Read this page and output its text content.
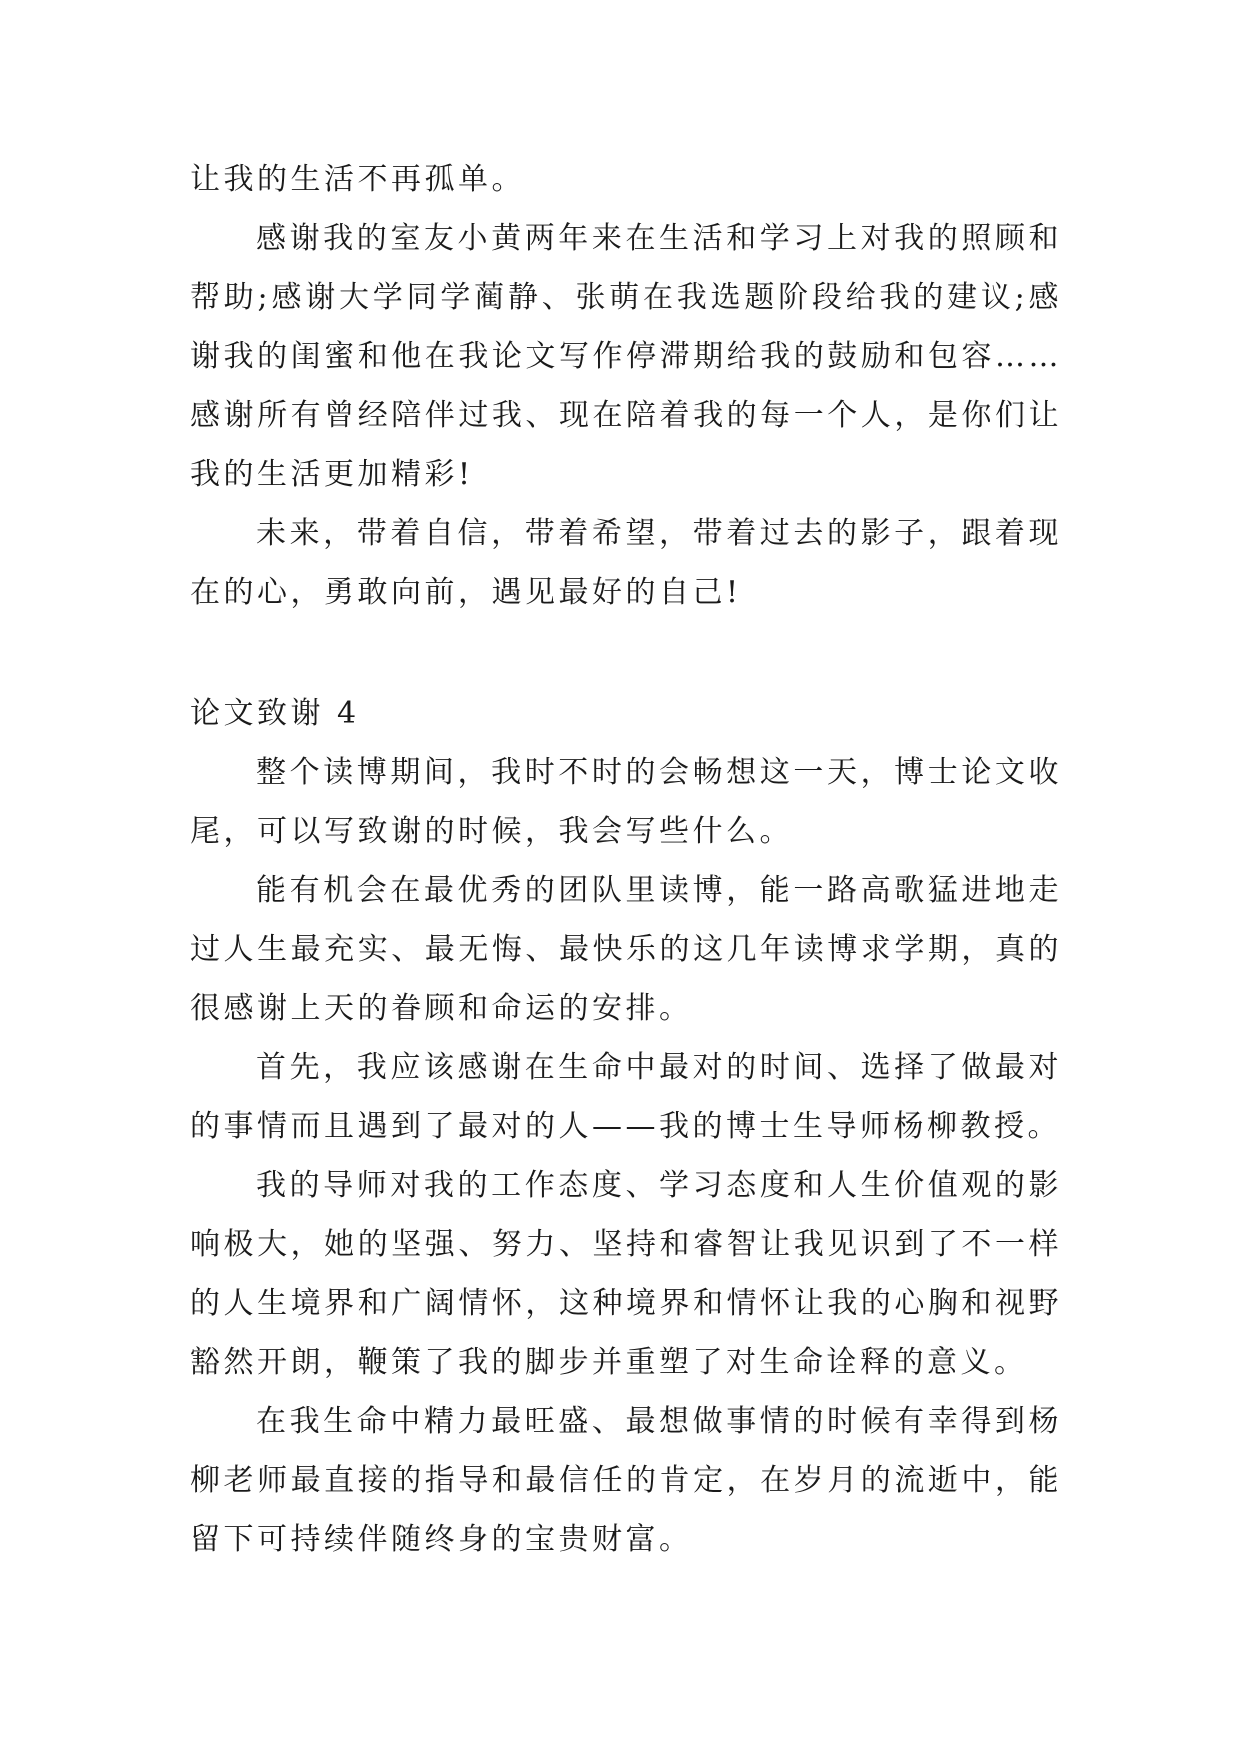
让我的生活不再孤单。

感谢我的室友小黄两年来在生活和学习上对我的照顾和帮助;感谢大学同学蔺静、张萌在我选题阶段给我的建议;感谢我的闺蜜和他在我论文写作停滞期给我的鼓励和包容……感谢所有曾经陪伴过我、现在陪着我的每一个人，是你们让我的生活更加精彩!

未来，带着自信，带着希望，带着过去的影子，跟着现在的心，勇敢向前，遇见最好的自己!

论文致谢 4

整个读博期间，我时不时的会畅想这一天，博士论文收尾，可以写致谢的时候，我会写些什么。

能有机会在最优秀的团队里读博，能一路高歌猛进地走过人生最充实、最无悔、最快乐的这几年读博求学期，真的很感谢上天的眷顾和命运的安排。

首先，我应该感谢在生命中最对的时间、选择了做最对的事情而且遇到了最对的人——我的博士生导师杨柳教授。

我的导师对我的工作态度、学习态度和人生价值观的影响极大，她的坚强、努力、坚持和睿智让我见识到了不一样的人生境界和广阔情怀，这种境界和情怀让我的心胸和视野豁然开朗，鞭策了我的脚步并重塑了对生命诠释的意义。

在我生命中精力最旺盛、最想做事情的时候有幸得到杨柳老师最直接的指导和最信任的肯定，在岁月的流逝中，能留下可持续伴随终身的宝贵财富。
